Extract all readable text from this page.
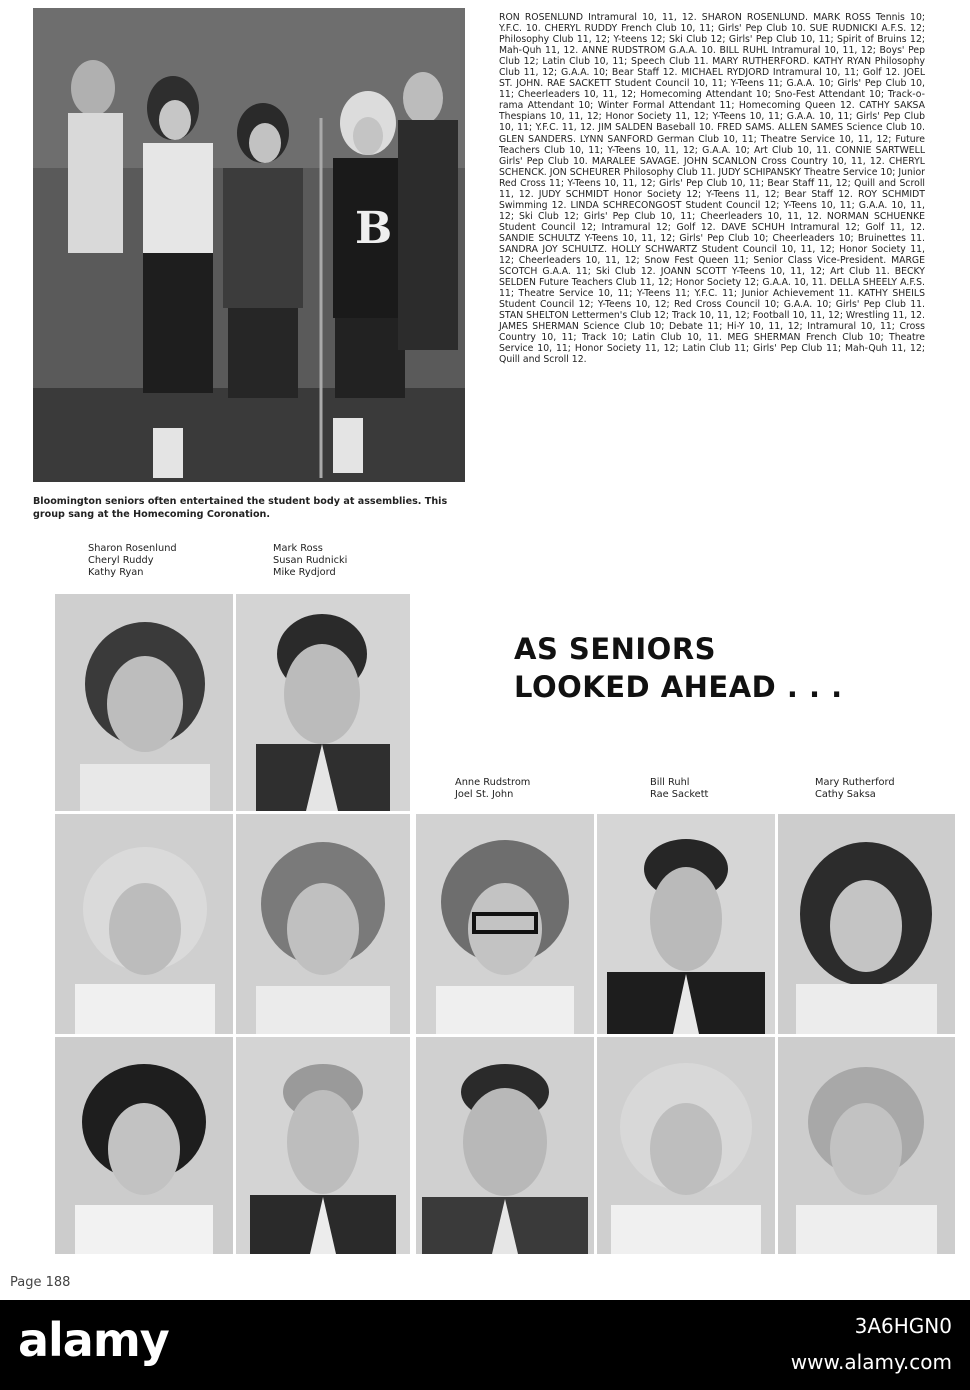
B
Bloomington seniors often entertained the student body at assemblies. This group sang at the Homecoming Coronation.
RON ROSENLUND Intramural 10, 11, 12. SHARON ROSENLUND. MARK ROSS Tennis 10; Y.F.C. 10. CHERYL RUDDY French Club 10, 11; Girls' Pep Club 10. SUE RUDNICKI A.F.S. 12; Philosophy Club 11, 12; Y-teens 12; Ski Club 12; Girls' Pep Club 10, 11; Spirit of Bruins 12; Mah-Quh 11, 12. ANNE RUDSTROM G.A.A. 10. BILL RUHL Intramural 10, 11, 12; Boys' Pep Club 12; Latin Club 10, 11; Speech Club 11. MARY RUTHERFORD. KATHY RYAN Philosophy Club 11, 12; G.A.A. 10; Bear Staff 12. MICHAEL RYDJORD Intramural 10, 11; Golf 12. JOEL ST. JOHN. RAE SACKETT Student Council 10, 11; Y-Teens 11; G.A.A. 10; Girls' Pep Club 10, 11; Cheerleaders 10, 11, 12; Homecoming Attendant 10; Sno-Fest Attendant 10; Track-o-rama Attendant 10; Winter Formal Attendant 11; Homecoming Queen 12. CATHY SAKSA Thespians 10, 11, 12; Honor Society 11, 12; Y-Teens 10, 11; G.A.A. 10, 11; Girls' Pep Club 10, 11; Y.F.C. 11, 12. JIM SALDEN Baseball 10. FRED SAMS. ALLEN SAMES Science Club 10. GLEN SANDERS. LYNN SANFORD German Club 10, 11; Theatre Service 10, 11, 12; Future Teachers Club 10, 11; Y-Teens 10, 11, 12; G.A.A. 10; Art Club 10, 11. CONNIE SARTWELL Girls' Pep Club 10. MARALEE SAVAGE. JOHN SCANLON Cross Country 10, 11, 12. CHERYL SCHENCK. JON SCHEURER Philosophy Club 11. JUDY SCHIPANSKY Theatre Service 10; Junior Red Cross 11; Y-Teens 10, 11, 12; Girls' Pep Club 10, 11; Bear Staff 11, 12; Quill and Scroll 11, 12. JUDY SCHMIDT Honor Society 12; Y-Teens 11, 12; Bear Staff 12. ROY SCHMIDT Swimming 12. LINDA SCHRECONGOST Student Council 12; Y-Teens 10, 11; G.A.A. 10, 11, 12; Ski Club 12; Girls' Pep Club 10, 11; Cheerleaders 10, 11, 12. NORMAN SCHUENKE Student Council 12; Intramural 12; Golf 12. DAVE SCHUH Intramural 12; Golf 11, 12. SANDIE SCHULTZ Y-Teens 10, 11, 12; Girls' Pep Club 10; Cheerleaders 10; Bruinettes 11. SANDRA JOY SCHULTZ. HOLLY SCHWARTZ Student Council 10, 11, 12; Honor Society 11, 12; Cheerleaders 10, 11, 12; Snow Fest Queen 11; Senior Class Vice-President. MARGE SCOTCH G.A.A. 11; Ski Club 12. JOANN SCOTT Y-Teens 10, 11, 12; Art Club 11. BECKY SELDEN Future Teachers Club 11, 12; Honor Society 12; G.A.A. 10, 11. DELLA SHEELY A.F.S. 11; Theatre Service 10, 11; Y-Teens 11; Y.F.C. 11; Junior Achievement 11. KATHY SHEILS Student Council 12; Y-Teens 10, 12; Red Cross Council 10; G.A.A. 10; Girls' Pep Club 11. STAN SHELTON Lettermen's Club 12; Track 10, 11, 12; Football 10, 11, 12; Wrestling 11, 12. JAMES SHERMAN Science Club 10; Debate 11; Hi-Y 10, 11, 12; Intramural 10, 11; Cross Country 10, 11; Track 10; Latin Club 10, 11. MEG SHERMAN French Club 10; Theatre Service 10, 11; Honor Society 11, 12; Latin Club 11; Girls' Pep Club 11; Mah-Quh 11, 12; Quill and Scroll 12.
Sharon Rosenlund
Cheryl Ruddy
Kathy Ryan
Mark Ross
Susan Rudnicki
Mike Rydjord
Anne Rudstrom
Joel St. John
Bill Ruhl
Rae Sackett
Mary Rutherford
Cathy Saksa
AS SENIORS
LOOKED AHEAD . . .
Page 188
alamy	3A6HGN0
www.alamy.com
